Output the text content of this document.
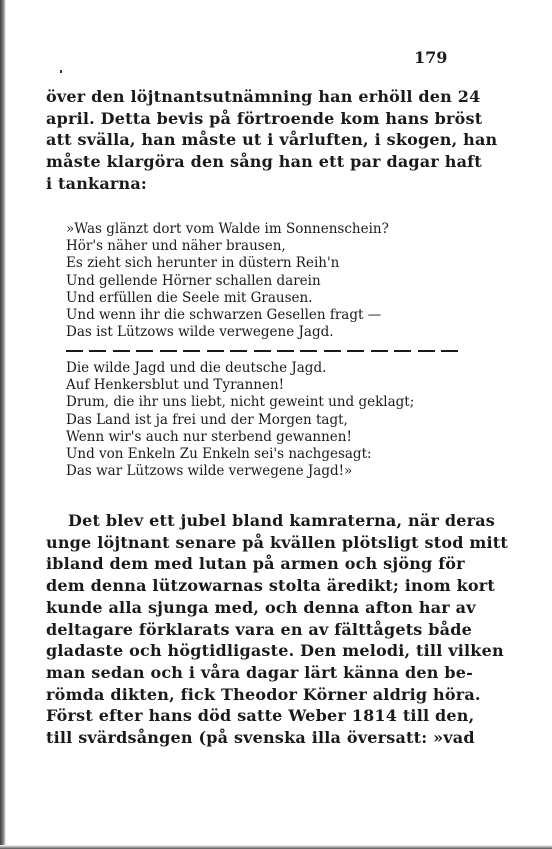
179
över den löjtnantsutnämning han erhöll den 24
april. Detta bevis på förtroende kom hans bröst
att svälla, han måste ut i vårluften, i skogen, han
måste klargöra den sång han ett par dagar haft
i tankarna:
»Was glänzt dort vom Walde im Sonnenschein?
Hör's näher und näher brausen,
Es zieht sich herunter in düstern Reih'n
Und gellende Hörner schallen darein
Und erfüllen die Seele mit Grausen.
Und wenn ihr die schwarzen Gesellen fragt —
Das ist Lützows wilde verwegene Jagd.
Die wilde Jagd und die deutsche Jagd.
Auf Henkersblut und Tyrannen!
Drum, die ihr uns liebt, nicht geweint und geklagt;
Das Land ist ja frei und der Morgen tagt,
Wenn wir's auch nur sterbend gewannen!
Und von Enkeln Zu Enkeln sei's nachgesagt:
Das war Lützows wilde verwegene Jagd!»
Det blev ett jubel bland kamraterna, när deras
unge löjtnant senare på kvällen plötsligt stod mitt
ibland dem med lutan på armen och sjöng för
dem denna lützowarnas stolta äredikt; inom kort
kunde alla sjunga med, och denna afton har av
deltagare förklarats vara en av fälttågets både
gladaste och högtidligaste. Den melodi, till vilken
man sedan och i våra dagar lärt känna den be-
römda dikten, fick Theodor Körner aldrig höra.
Först efter hans död satte Weber 1814 till den,
till svärdsången (på svenska illa översatt: »vad
